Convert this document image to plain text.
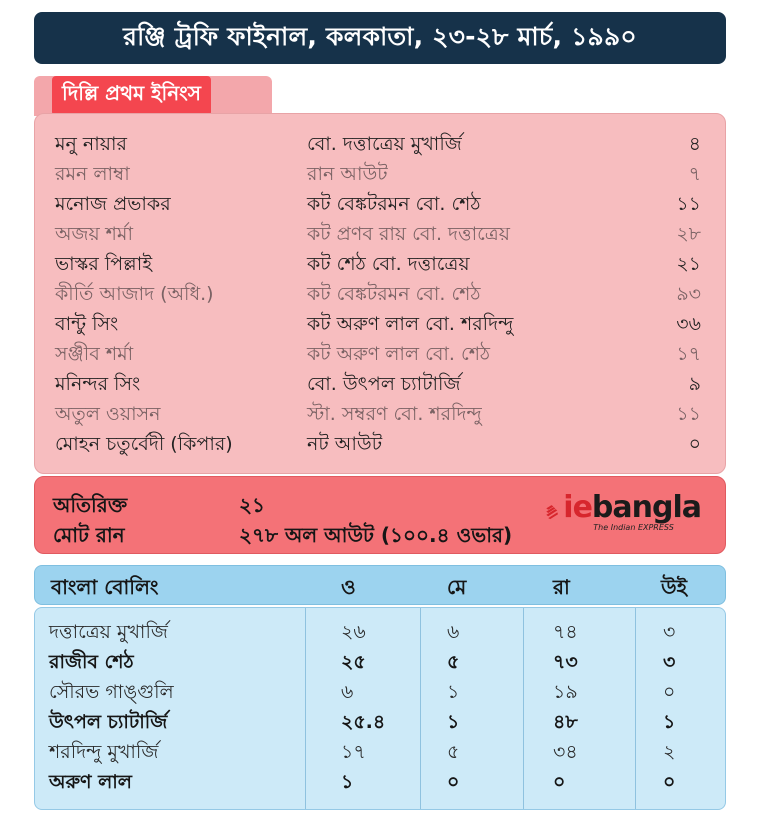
রঞ্জি ট্রফি ফাইনাল, কলকাতা, ২৩-২৮ মার্চ, ১৯৯০
দিল্লি প্রথম ইনিংস
মনু নায়ার	বো. দত্তাত্রেয় মুখার্জি	৪
রমন লাম্বা	রান আউট	৭
মনোজ প্রভাকর	কট বেঙ্কটরমন বো. শেঠ	১১
অজয় শর্মা	কট প্রণব রায় বো. দত্তাত্রেয়	২৮
ভাস্কর পিল্লাই	কট শেঠ বো. দত্তাত্রেয়	২১
কীর্তি আজাদ (অধি.)	কট বেঙ্কটরমন বো. শেঠ	৯৩
বান্টু সিং	কট অরুণ লাল বো. শরদিন্দু	৩৬
সঞ্জীব শর্মা	কট অরুণ লাল বো. শেঠ	১৭
মনিন্দর সিং	বো. উৎপল চ্যাটার্জি	৯
অতুল ওয়াসন	স্টা. সম্বরণ বো. শরদিন্দু	১১
মোহন চতুর্বেদী (কিপার)	নট আউট	০
অতিরিক্ত	২১
মোট রান	২৭৮ অল আউট (১০০.৪ ওভার)
iebangla
The Indian EXPRESS
বাংলা বোলিং	ও	মে	রা	উই
দত্তাত্রেয় মুখার্জি	২৬	৬	৭৪	৩
রাজীব শেঠ	২৫	৫	৭৩	৩
সৌরভ গাঙ্গুলি	৬	১	১৯	০
উৎপল চ্যাটার্জি	২৫.৪	১	৪৮	১
শরদিন্দু মুখার্জি	১৭	৫	৩৪	২
অরুণ লাল	১	০	০	০
